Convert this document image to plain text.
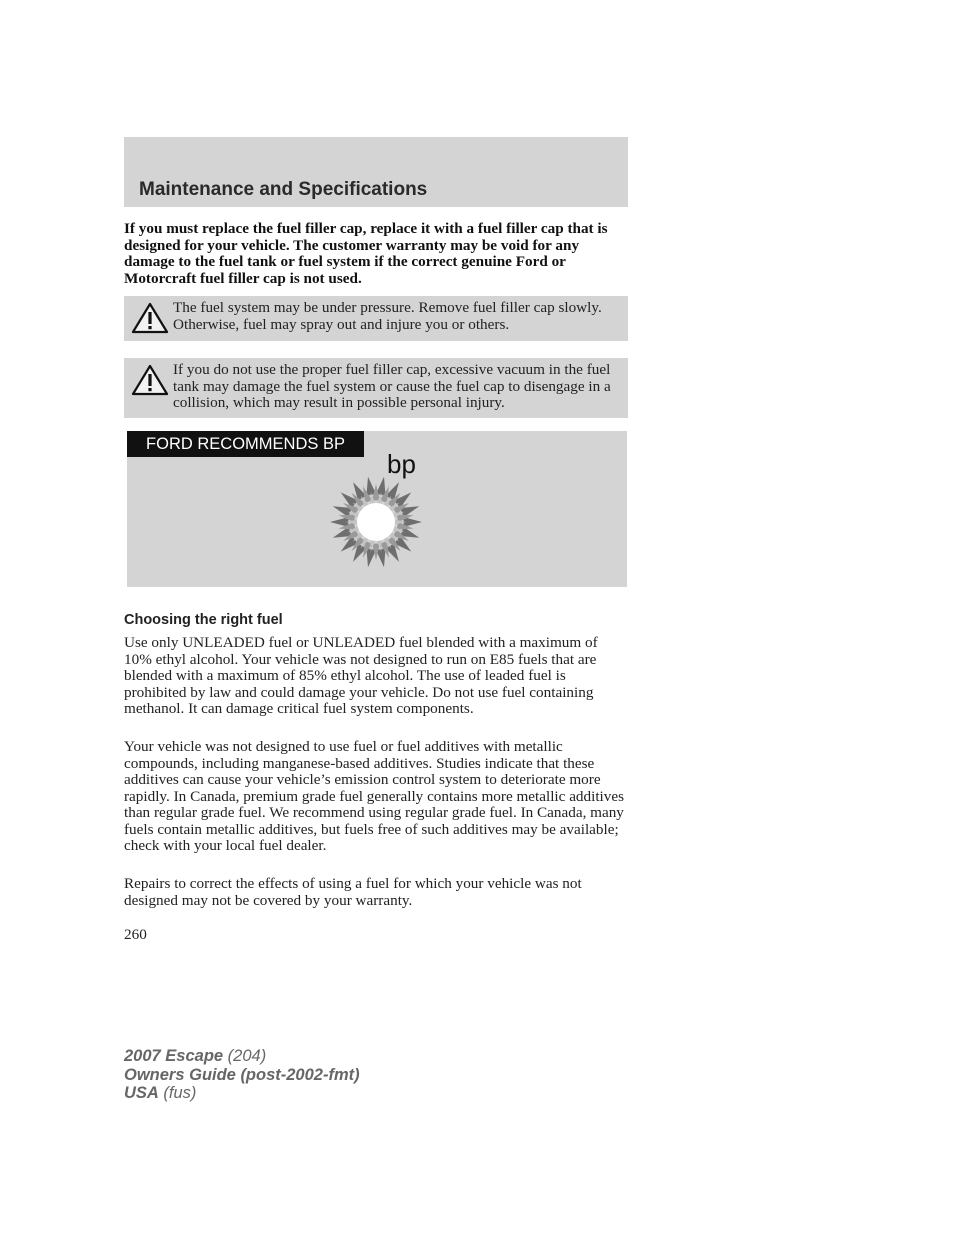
Maintenance and Specifications
If you must replace the fuel filler cap, replace it with a fuel filler cap that is designed for your vehicle. The customer warranty may be void for any damage to the fuel tank or fuel system if the correct genuine Ford or Motorcraft fuel filler cap is not used.
The fuel system may be under pressure. Remove fuel filler cap slowly. Otherwise, fuel may spray out and injure you or others.
If you do not use the proper fuel filler cap, excessive vacuum in the fuel tank may damage the fuel system or cause the fuel cap to disengage in a collision, which may result in possible personal injury.
FORD RECOMMENDS BP
bp
Choosing the right fuel
Use only UNLEADED fuel or UNLEADED fuel blended with a maximum of 10% ethyl alcohol. Your vehicle was not designed to run on E85 fuels that are blended with a maximum of 85% ethyl alcohol. The use of leaded fuel is prohibited by law and could damage your vehicle. Do not use fuel containing methanol. It can damage critical fuel system components.
Your vehicle was not designed to use fuel or fuel additives with metallic compounds, including manganese-based additives. Studies indicate that these additives can cause your vehicle’s emission control system to deteriorate more rapidly. In Canada, premium grade fuel generally contains more metallic additives than regular grade fuel. We recommend using regular grade fuel. In Canada, many fuels contain metallic additives, but fuels free of such additives may be available; check with your local fuel dealer.
Repairs to correct the effects of using a fuel for which your vehicle was not designed may not be covered by your warranty.
260
2007 Escape (204)
Owners Guide (post-2002-fmt)
USA (fus)
